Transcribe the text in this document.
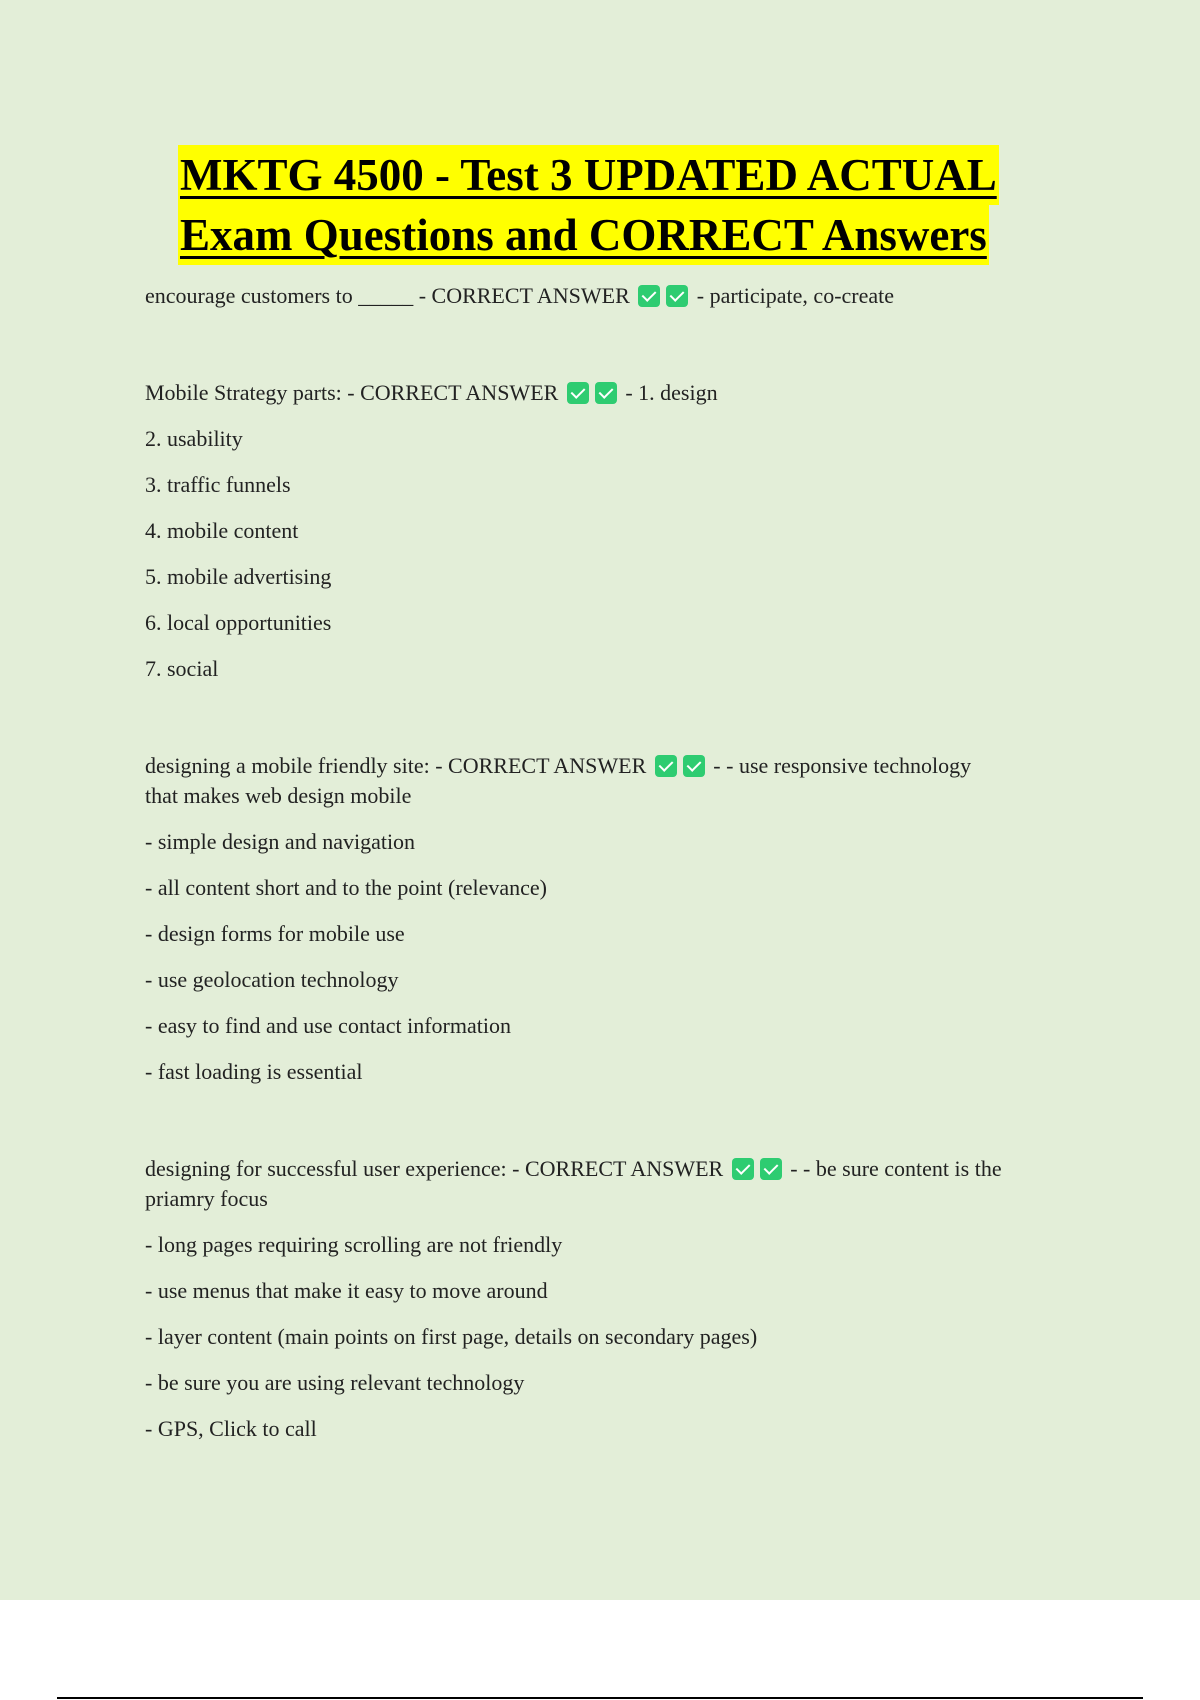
MKTG 4500 - Test 3 UPDATED ACTUAL
Exam Questions and CORRECT Answers
encourage customers to _____ - CORRECT ANSWER	- participate, co-create
Mobile Strategy parts: - CORRECT ANSWER	- 1. design
2. usability
3. traffic funnels
4. mobile content
5. mobile advertising
6. local opportunities
7. social
designing a mobile friendly site: - CORRECT ANSWER	- - use responsive technology
that makes web design mobile
- simple design and navigation
- all content short and to the point (relevance)
- design forms for mobile use
- use geolocation technology
- easy to find and use contact information
- fast loading is essential
designing for successful user experience: - CORRECT ANSWER	- - be sure content is the
priamry focus
- long pages requiring scrolling are not friendly
- use menus that make it easy to move around
- layer content (main points on first page, details on secondary pages)
- be sure you are using relevant technology
- GPS, Click to call
